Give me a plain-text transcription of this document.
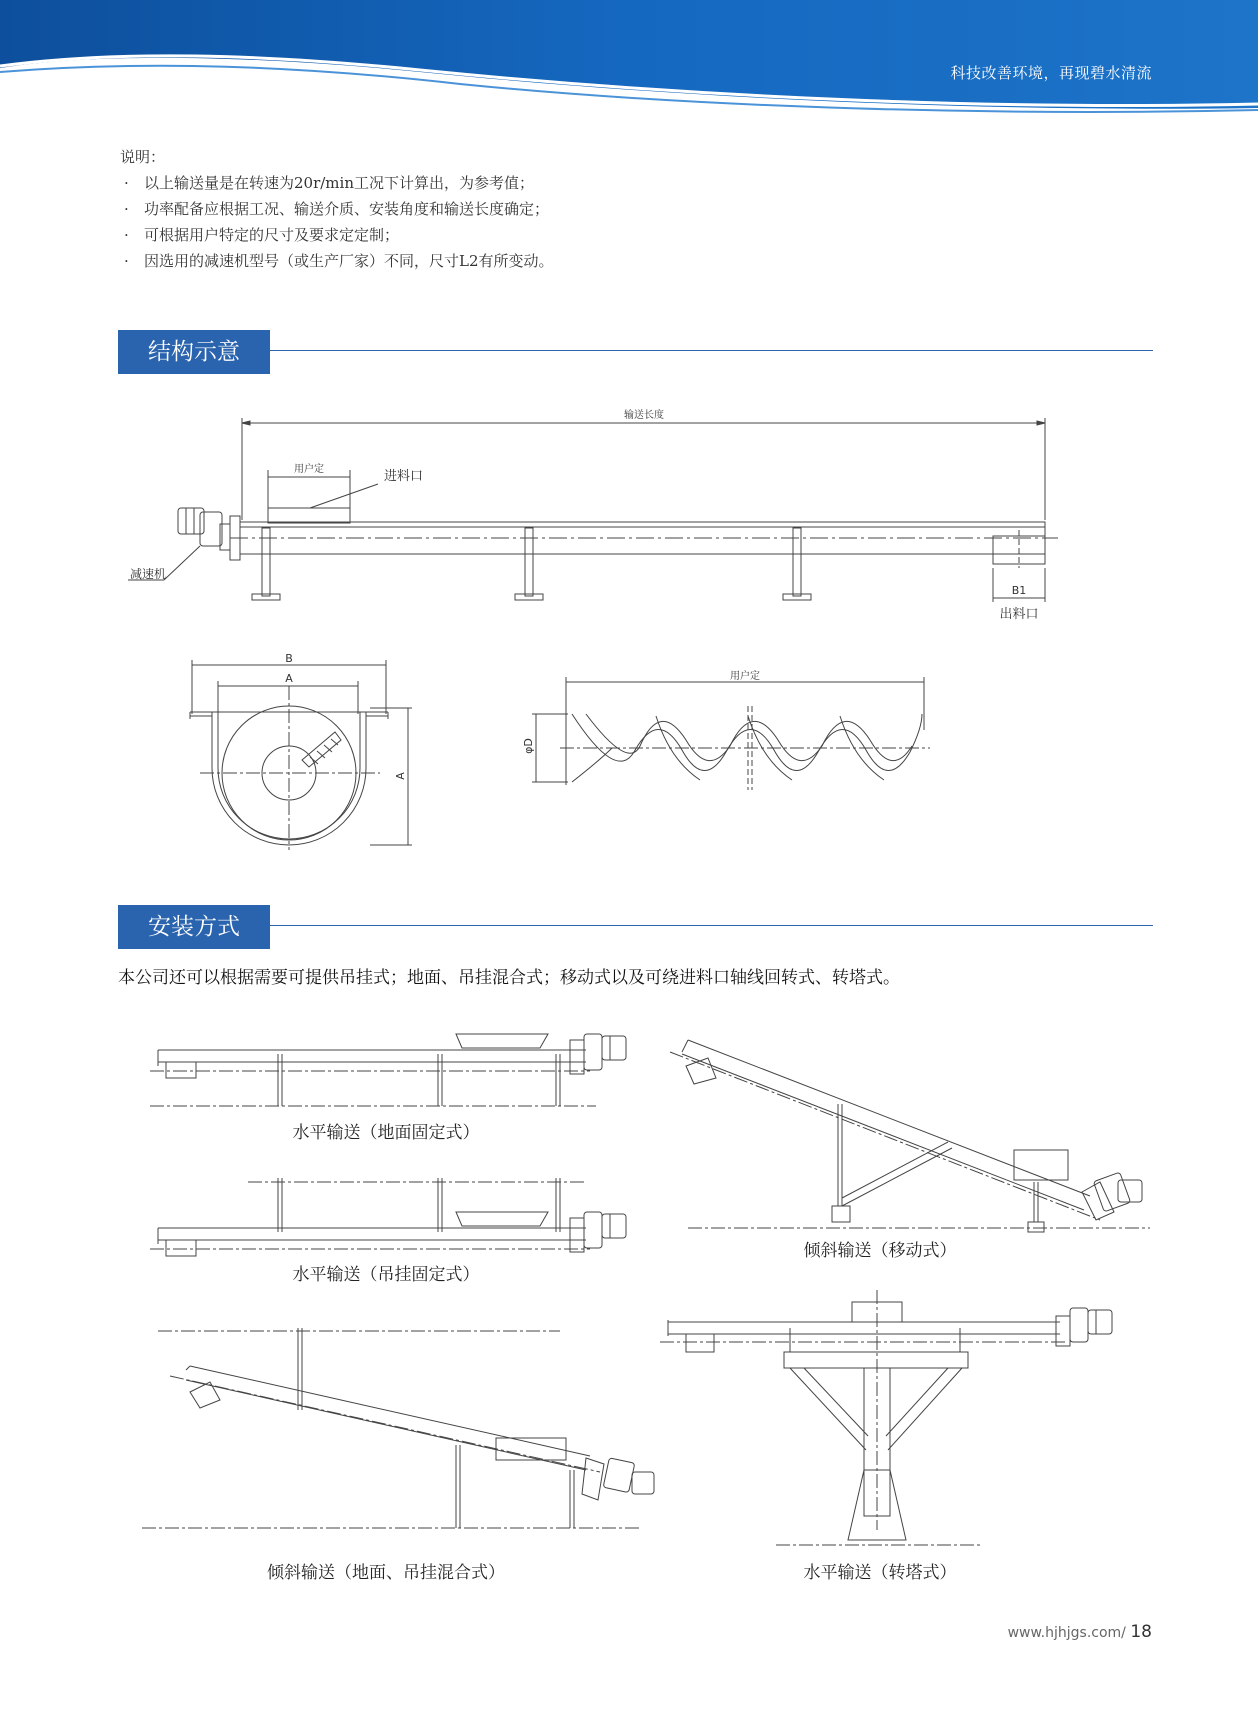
科技改善环境，再现碧水清流
说明：
· 以上输送量是在转速为20r/min工况下计算出，为参考值；
· 功率配备应根据工况、输送介质、安装角度和输送长度确定；
· 可根据用户特定的尺寸及要求定定制；
· 因选用的减速机型号（或生产厂家）不同，尺寸L2有所变动。
结构示意
输送长度
用户定	进料口
减速机
B1
出料口
B
A
A
用户定
φD
安装方式
本公司还可以根据需要可提供吊挂式；地面、吊挂混合式；移动式以及可绕进料口轴线回转式、转塔式。
水平输送（地面固定式）
水平输送（吊挂固定式）
倾斜输送（地面、吊挂混合式）
倾斜输送（移动式）
水平输送（转塔式）
www.hjhjgs.com/ 18
